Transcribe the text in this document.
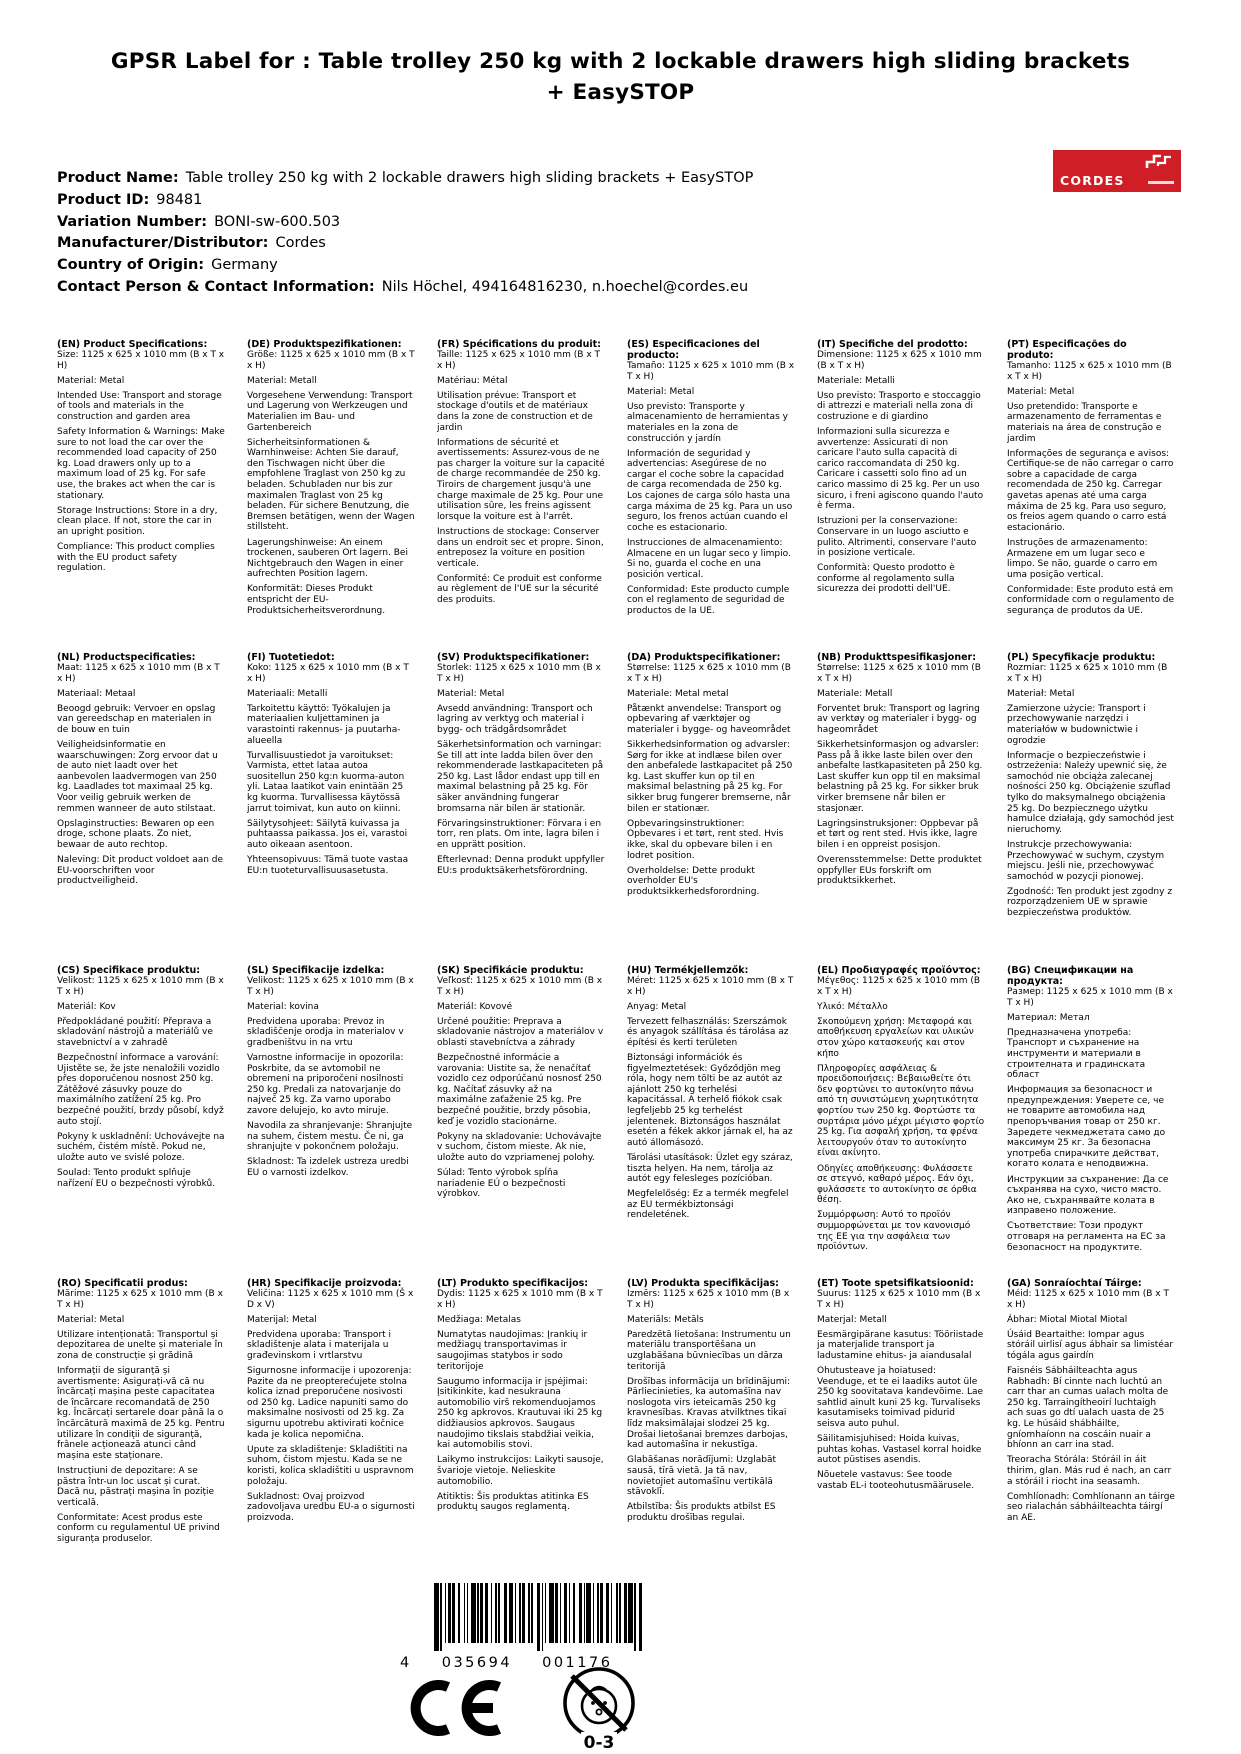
GPSR Label for : Table trolley 250 kg with 2 lockable drawers high sliding brackets + EasySTOP
Product Name: Table trolley 250 kg with 2 lockable drawers high sliding brackets + EasySTOP
Product ID: 98481
Variation Number: BONI-sw-600.503
Manufacturer/Distributor: Cordes
Country of Origin: Germany
Contact Person & Contact Information: Nils Höchel, 494164816230, n.hoechel@cordes.eu
CORDES
(EN) Product Specifications:

Size: 1125 x 625 x 1010 mm (B x T x H)

Material: Metal

Intended Use: Transport and storage of tools and materials in the construction and garden area

Safety Information & Warnings: Make sure to not load the car over the recommended load capacity of 250 kg. Load drawers only up to a maximum load of 25 kg. For safe use, the brakes act when the car is stationary.

Storage Instructions: Store in a dry, clean place. If not, store the car in an upright position.

Compliance: This product complies with the EU product safety regulation.

(DE) Produktspezifikationen:

Größe: 1125 x 625 x 1010 mm (B x T x H)

Material: Metall

Vorgesehene Verwendung: Transport und Lagerung von Werkzeugen und Materialien im Bau- und Gartenbereich

Sicherheitsinformationen & Warnhinweise: Achten Sie darauf, den Tischwagen nicht über die empfohlene Traglast von 250 kg zu beladen. Schubladen nur bis zur maximalen Traglast von 25 kg beladen. Für sichere Benutzung, die Bremsen betätigen, wenn der Wagen stillsteht.

Lagerungshinweise: An einem trockenen, sauberen Ort lagern. Bei Nichtgebrauch den Wagen in einer aufrechten Position lagern.

Konformität: Dieses Produkt entspricht der EU-Produktsicherheitsverordnung.

(FR) Spécifications du produit:

Taille: 1125 x 625 x 1010 mm (B x T x H)

Matériau: Métal

Utilisation prévue: Transport et stockage d'outils et de matériaux dans la zone de construction et de jardin

Informations de sécurité et avertissements: Assurez-vous de ne pas charger la voiture sur la capacité de charge recommandée de 250 kg. Tiroirs de chargement jusqu'à une charge maximale de 25 kg. Pour une utilisation sûre, les freins agissent lorsque la voiture est à l'arrêt.

Instructions de stockage: Conserver dans un endroit sec et propre. Sinon, entreposez la voiture en position verticale.

Conformité: Ce produit est conforme au règlement de l'UE sur la sécurité des produits.

(ES) Especificaciones del producto:

Tamaño: 1125 x 625 x 1010 mm (B x T x H)

Material: Metal

Uso previsto: Transporte y almacenamiento de herramientas y materiales en la zona de construcción y jardín

Información de seguridad y advertencias: Asegúrese de no cargar el coche sobre la capacidad de carga recomendada de 250 kg. Los cajones de carga sólo hasta una carga máxima de 25 kg. Para un uso seguro, los frenos actúan cuando el coche es estacionario.

Instrucciones de almacenamiento: Almacene en un lugar seco y limpio. Si no, guarda el coche en una posición vertical.

Conformidad: Este producto cumple con el reglamento de seguridad de productos de la UE.

(IT) Specifiche del prodotto:

Dimensione: 1125 x 625 x 1010 mm (B x T x H)

Materiale: Metalli

Uso previsto: Trasporto e stoccaggio di attrezzi e materiali nella zona di costruzione e di giardino

Informazioni sulla sicurezza e avvertenze: Assicurati di non caricare l'auto sulla capacità di carico raccomandata di 250 kg. Caricare i cassetti solo fino ad un carico massimo di 25 kg. Per un uso sicuro, i freni agiscono quando l'auto è ferma.

Istruzioni per la conservazione: Conservare in un luogo asciutto e pulito. Altrimenti, conservare l'auto in posizione verticale.

Conformità: Questo prodotto è conforme al regolamento sulla sicurezza dei prodotti dell'UE.

(PT) Especificações do produto:

Tamanho: 1125 x 625 x 1010 mm (B x T x H)

Material: Metal

Uso pretendido: Transporte e armazenamento de ferramentas e materiais na área de construção e jardim

Informações de segurança e avisos: Certifique-se de não carregar o carro sobre a capacidade de carga recomendada de 250 kg. Carregar gavetas apenas até uma carga máxima de 25 kg. Para uso seguro, os freios agem quando o carro está estacionário.

Instruções de armazenamento: Armazene em um lugar seco e limpo. Se não, guarde o carro em uma posição vertical.

Conformidade: Este produto está em conformidade com o regulamento de segurança de produtos da UE.

(NL) Productspecificaties:

Maat: 1125 x 625 x 1010 mm (B x T x H)

Materiaal: Metaal

Beoogd gebruik: Vervoer en opslag van gereedschap en materialen in de bouw en tuin

Veiligheidsinformatie en waarschuwingen: Zorg ervoor dat u de auto niet laadt over het aanbevolen laadvermogen van 250 kg. Laadlades tot maximaal 25 kg. Voor veilig gebruik werken de remmen wanneer de auto stilstaat.

Opslaginstructies: Bewaren op een droge, schone plaats. Zo niet, bewaar de auto rechtop.

Naleving: Dit product voldoet aan de EU-voorschriften voor productveiligheid.

(FI) Tuotetiedot:

Koko: 1125 x 625 x 1010 mm (B x T x H)

Materiaali: Metalli

Tarkoitettu käyttö: Työkalujen ja materiaalien kuljettaminen ja varastointi rakennus- ja puutarha-alueella

Turvallisuustiedot ja varoitukset: Varmista, ettet lataa autoa suositellun 250 kg:n kuorma-auton yli. Lataa laatikot vain enintään 25 kg kuorma. Turvallisessa käytössä jarrut toimivat, kun auto on kiinni.

Säilytysohjeet: Säilytä kuivassa ja puhtaassa paikassa. Jos ei, varastoi auto oikeaan asentoon.

Yhteensopivuus: Tämä tuote vastaa EU:n tuoteturvallisuusasetusta.

(SV) Produktspecifikationer:

Storlek: 1125 x 625 x 1010 mm (B x T x H)

Material: Metal

Avsedd användning: Transport och lagring av verktyg och material i bygg- och trädgårdsområdet

Säkerhetsinformation och varningar: Se till att inte ladda bilen över den rekommenderade lastkapaciteten på 250 kg. Last lådor endast upp till en maximal belastning på 25 kg. För säker användning fungerar bromsarna när bilen är stationär.

Förvaringsinstruktioner: Förvara i en torr, ren plats. Om inte, lagra bilen i en upprätt position.

Efterlevnad: Denna produkt uppfyller EU:s produktsäkerhetsförordning.

(DA) Produktspecifikationer:

Størrelse: 1125 x 625 x 1010 mm (B x T x H)

Materiale: Metal metal

Påtænkt anvendelse: Transport og opbevaring af værktøjer og materialer i bygge- og haveområdet

Sikkerhedsinformation og advarsler: Sørg for ikke at indlæse bilen over den anbefalede lastkapacitet på 250 kg. Last skuffer kun op til en maksimal belastning på 25 kg. For sikker brug fungerer bremserne, når bilen er stationær.

Opbevaringsinstruktioner: Opbevares i et tørt, rent sted. Hvis ikke, skal du opbevare bilen i en lodret position.

Overholdelse: Dette produkt overholder EU's produktsikkerhedsforordning.

(NB) Produkttspesifikasjoner:

Størrelse: 1125 x 625 x 1010 mm (B x T x H)

Materiale: Metall

Forventet bruk: Transport og lagring av verktøy og materialer i bygg- og hageområdet

Sikkerhetsinformasjon og advarsler: Pass på å ikke laste bilen over den anbefalte lastkapasiteten på 250 kg. Last skuffer kun opp til en maksimal belastning på 25 kg. For sikker bruk virker bremsene når bilen er stasjonær.

Lagringsinstruksjoner: Oppbevar på et tørt og rent sted. Hvis ikke, lagre bilen i en oppreist posisjon.

Overensstemmelse: Dette produktet oppfyller EUs forskrift om produktsikkerhet.

(PL) Specyfikacje produktu:

Rozmiar: 1125 x 625 x 1010 mm (B x T x H)

Materiał: Metal

Zamierzone użycie: Transport i przechowywanie narzędzi i materiałów w budownictwie i ogrodzie

Informacje o bezpieczeństwie i ostrzeżenia: Należy upewnić się, że samochód nie obciąża zalecanej nośności 250 kg. Obciążenie szuflad tylko do maksymalnego obciążenia 25 kg. Do bezpiecznego użytku hamulce działają, gdy samochód jest nieruchomy.

Instrukcje przechowywania: Przechowywać w suchym, czystym miejscu. Jeśli nie, przechowywać samochód w pozycji pionowej.

Zgodność: Ten produkt jest zgodny z rozporządzeniem UE w sprawie bezpieczeństwa produktów.

(CS) Specifikace produktu:

Velikost: 1125 x 625 x 1010 mm (B x T x H)

Materiál: Kov

Předpokládané použití: Přeprava a skladování nástrojů a materiálů ve stavebnictví a v zahradě

Bezpečnostní informace a varování: Ujistěte se, že jste nenaložili vozidlo přes doporučenou nosnost 250 kg. Zátěžové zásuvky pouze do maximálního zatížení 25 kg. Pro bezpečné použití, brzdy působí, když auto stojí.

Pokyny k uskladnění: Uchovávejte na suchém, čistém místě. Pokud ne, uložte auto ve svislé poloze.

Soulad: Tento produkt splňuje nařízení EU o bezpečnosti výrobků.

(SL) Specifikacije izdelka:

Velikost: 1125 x 625 x 1010 mm (B x T x H)

Material: kovina

Predvidena uporaba: Prevoz in skladiščenje orodja in materialov v gradbeništvu in na vrtu

Varnostne informacije in opozorila: Poskrbite, da se avtomobil ne obremeni na priporočeni nosilnosti 250 kg. Predali za natovarjanje do največ 25 kg. Za varno uporabo zavore delujejo, ko avto miruje.

Navodila za shranjevanje: Shranjujte na suhem, čistem mestu. Če ni, ga shranjujte v pokončnem položaju.

Skladnost: Ta izdelek ustreza uredbi EU o varnosti izdelkov.

(SK) Špecifikácie produktu:

Veľkosť: 1125 x 625 x 1010 mm (B x T x H)

Materiál: Kovové

Určené použitie: Preprava a skladovanie nástrojov a materiálov v oblasti stavebníctva a záhrady

Bezpečnostné informácie a varovania: Uistite sa, že nenačítať vozidlo cez odporúčanú nosnosť 250 kg. Načítať zásuvky až na maximálne zaťaženie 25 kg. Pre bezpečné použitie, brzdy pôsobia, keď je vozidlo stacionárne.

Pokyny na skladovanie: Uchovávajte v suchom, čistom mieste. Ak nie, uložte auto do vzpriamenej polohy.

Súlad: Tento výrobok spĺňa nariadenie EÚ o bezpečnosti výrobkov.

(HU) Termékjellemzők:

Méret: 1125 x 625 x 1010 mm (B x T x H)

Anyag: Metal

Tervezett felhasználás: Szerszámok és anyagok szállítása és tárolása az építési és kerti területen

Biztonsági információk és figyelmeztetések: Győződjön meg róla, hogy nem tölti be az autót az ajánlott 250 kg terhelési kapacitással. A terhelő fiókok csak legfeljebb 25 kg terhelést jelentenek. Biztonságos használat esetén a fékek akkor járnak el, ha az autó állomásozó.

Tárolási utasítások: Üzlet egy száraz, tiszta helyen. Ha nem, tárolja az autót egy felesleges pozícióban.

Megfelelőség: Ez a termék megfelel az EU termékbiztonsági rendeletének.

(EL) Προδιαγραφές προϊόντος:

Μέγεθος: 1125 x 625 x 1010 mm (B x T x H)

Υλικό: Μέταλλο

Σκοπούμενη χρήση: Μεταφορά και αποθήκευση εργαλείων και υλικών στον χώρο κατασκευής και στον κήπο

Πληροφορίες ασφάλειας & προειδοποιήσεις: Βεβαιωθείτε ότι δεν φορτώνει το αυτοκίνητο πάνω από τη συνιστώμενη χωρητικότητα φορτίου των 250 kg. Φορτώστε τα συρτάρια μόνο μέχρι μέγιστο φορτίο 25 kg. Για ασφαλή χρήση, τα φρένα λειτουργούν όταν το αυτοκίνητο είναι ακίνητο.

Οδηγίες αποθήκευσης: Φυλάσσετε σε στεγνό, καθαρό μέρος. Εάν όχι, φυλάσσετε το αυτοκίνητο σε όρθια θέση.

Συμμόρφωση: Αυτό το προϊόν συμμορφώνεται με τον κανονισμό της ΕΕ για την ασφάλεια των προϊόντων.

(BG) Спецификации на продукта:

Размер: 1125 x 625 x 1010 mm (B x T x H)

Материал: Метал

Предназначена употреба: Транспорт и съхранение на инструменти и материали в строителната и градинската област

Информация за безопасност и предупреждения: Уверете се, че не товарите автомобила над препоръчвания товар от 250 кг. Заредете чекмеджетата само до максимум 25 кг. За безопасна употреба спирачките действат, когато колата е неподвижна.

Инструкции за съхранение: Да се съхранява на сухо, чисто място. Ако не, съхранявайте колата в изправено положение.

Съответствие: Този продукт отговаря на регламента на ЕС за безопасност на продуктите.

(RO) Specificatii produs:

Mărime: 1125 x 625 x 1010 mm (B x T x H)

Material: Metal

Utilizare intenționată: Transportul și depozitarea de unelte și materiale în zona de construcție și grădină

Informații de siguranță și avertismente: Asigurați-vă că nu încărcați mașina peste capacitatea de încărcare recomandată de 250 kg. Încărcați sertarele doar până la o încărcătură maximă de 25 kg. Pentru utilizare în condiții de siguranță, frânele acționează atunci când mașina este staționare.

Instrucțiuni de depozitare: A se păstra într-un loc uscat și curat. Dacă nu, păstrați mașina în poziție verticală.

Conformitate: Acest produs este conform cu regulamentul UE privind siguranța produselor.

(HR) Specifikacije proizvoda:

Veličina: 1125 x 625 x 1010 mm (Š x D x V)

Materijal: Metal

Predvidena uporaba: Transport i skladištenje alata i materijala u građevinskom i vrtlarstvu

Sigurnosne informacije i upozorenja: Pazite da ne preopterećujete stolna kolica iznad preporučene nosivosti od 250 kg. Ladice napuniti samo do maksimalne nosivosti od 25 kg. Za sigurnu upotrebu aktivirati kočnice kada je kolica nepomična.

Upute za skladištenje: Skladištiti na suhom, čistom mjestu. Kada se ne koristi, kolica skladištiti u uspravnom položaju.

Sukladnost: Ovaj proizvod zadovoljava uredbu EU-a o sigurnosti proizvoda.

(LT) Produkto specifikacijos:

Dydis: 1125 x 625 x 1010 mm (B x T x H)

Medžiaga: Metalas

Numatytas naudojimas: Įrankių ir medžiagų transportavimas ir saugojimas statybos ir sodo teritorijoje

Saugumo informacija ir įspėjimai: Įsitikinkite, kad nesukrauna automobilio virš rekomenduojamos 250 kg apkrovos. Krautuvai iki 25 kg didžiausios apkrovos. Saugaus naudojimo tikslais stabdžiai veikia, kai automobilis stovi.

Laikymo instrukcijos: Laikyti sausoje, švarioje vietoje. Nelieskite automobilio.

Atitiktis: Šis produktas atitinka ES produktų saugos reglamentą.

(LV) Produkta specifikācijas:

Izmērs: 1125 x 625 x 1010 mm (B x T x H)

Materiāls: Metāls

Paredzētā lietošana: Instrumentu un materiālu transportēšana un uzglabāšana būvniecības un dārza teritorijā

Drošības informācija un brīdinājumi: Pārliecinieties, ka automašīna nav noslogota virs ieteicamās 250 kg kravnesības. Kravas atvilktnes tikai līdz maksimālajai slodzei 25 kg. Drošai lietošanai bremzes darbojas, kad automašīna ir nekustīga.

Glabāšanas norādījumi: Uzglabāt sausā, tīrā vietā. Ja tā nav, novietojiet automašīnu vertikālā stāvoklī.

Atbilstība: Šis produkts atbilst ES produktu drošības regulai.

(ET) Toote spetsifikatsioonid:

Suurus: 1125 x 625 x 1010 mm (B x T x H)

Materjal: Metall

Eesmärgipärane kasutus: Tööriistade ja materjalide transport ja ladustamine ehitus- ja aiandusalal

Ohutusteave ja hoiatused: Veenduge, et te ei laadiks autot üle 250 kg soovitatava kandevõime. Lae sahtlid ainult kuni 25 kg. Turvaliseks kasutamiseks toimivad pidurid seisva auto puhul.

Säilitamisjuhised: Hoida kuivas, puhtas kohas. Vastasel korral hoidke autot püstises asendis.

Nõuetele vastavus: See toode vastab EL-i tooteohutusmäärusele.

(GA) Sonraíochtaí Táirge:

Méid: 1125 x 625 x 1010 mm (B x T x H)

Ábhar: Miotal Miotal Miotal

Úsáid Beartaithe: Iompar agus stóráil uirlisí agus ábhair sa limistéar tógála agus gairdín

Faisnéis Sábháilteachta agus Rabhadh: Bí cinnte nach luchtú an carr thar an cumas ualach molta de 250 kg. Tarraingítheoirí luchtaigh ach suas go dtí ualach uasta de 25 kg. Le húsáid shábháilte, gníomhaíonn na coscáin nuair a bhíonn an carr ina stad.

Treoracha Stórála: Stóráil in áit thirim, glan. Más rud é nach, an carr a stóráil i riocht ina seasamh.

Comhlíonadh: Comhlíonann an táirge seo rialachán sábháilteachta táirgí an AE.

4 035694 001176
0-3
